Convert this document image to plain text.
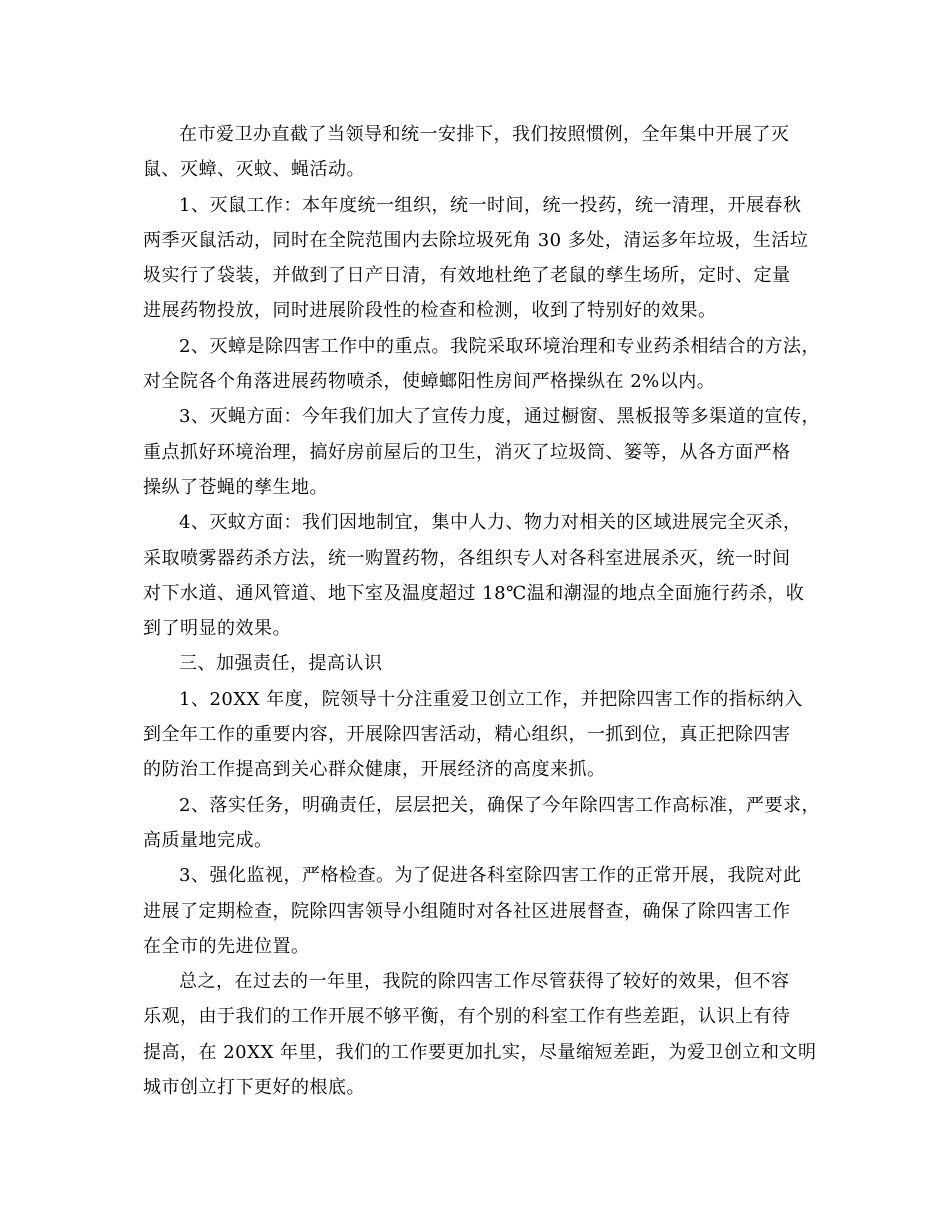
在市爱卫办直截了当领导和统一安排下，我们按照惯例，全年集中开展了灭
鼠、灭蟑、灭蚊、蝇活动。
1、灭鼠工作：本年度统一组织，统一时间，统一投药，统一清理，开展春秋
两季灭鼠活动，同时在全院范围内去除垃圾死角 30 多处，清运多年垃圾，生活垃
圾实行了袋装，并做到了日产日清，有效地杜绝了老鼠的孳生场所，定时、定量
进展药物投放，同时进展阶段性的检查和检测，收到了特别好的效果。
2、灭蟑是除四害工作中的重点。我院采取环境治理和专业药杀相结合的方法，
对全院各个角落进展药物喷杀，使蟑螂阳性房间严格操纵在 2%以内。
3、灭蝇方面：今年我们加大了宣传力度，通过橱窗、黑板报等多渠道的宣传，
重点抓好环境治理，搞好房前屋后的卫生，消灭了垃圾筒、篓等，从各方面严格
操纵了苍蝇的孳生地。
4、灭蚊方面：我们因地制宜，集中人力、物力对相关的区域进展完全灭杀，
采取喷雾器药杀方法，统一购置药物，各组织专人对各科室进展杀灭，统一时间
对下水道、通风管道、地下室及温度超过 18℃温和潮湿的地点全面施行药杀，收
到了明显的效果。
三、加强责任，提高认识
1、20XX 年度，院领导十分注重爱卫创立工作，并把除四害工作的指标纳入
到全年工作的重要内容，开展除四害活动，精心组织，一抓到位，真正把除四害
的防治工作提高到关心群众健康，开展经济的高度来抓。
2、落实任务，明确责任，层层把关，确保了今年除四害工作高标准，严要求，
高质量地完成。
3、强化监视，严格检查。为了促进各科室除四害工作的正常开展，我院对此
进展了定期检查，院除四害领导小组随时对各社区进展督查，确保了除四害工作
在全市的先进位置。
总之，在过去的一年里，我院的除四害工作尽管获得了较好的效果，但不容
乐观，由于我们的工作开展不够平衡，有个别的科室工作有些差距，认识上有待
提高，在 20XX 年里，我们的工作要更加扎实，尽量缩短差距，为爱卫创立和文明
城市创立打下更好的根底。
